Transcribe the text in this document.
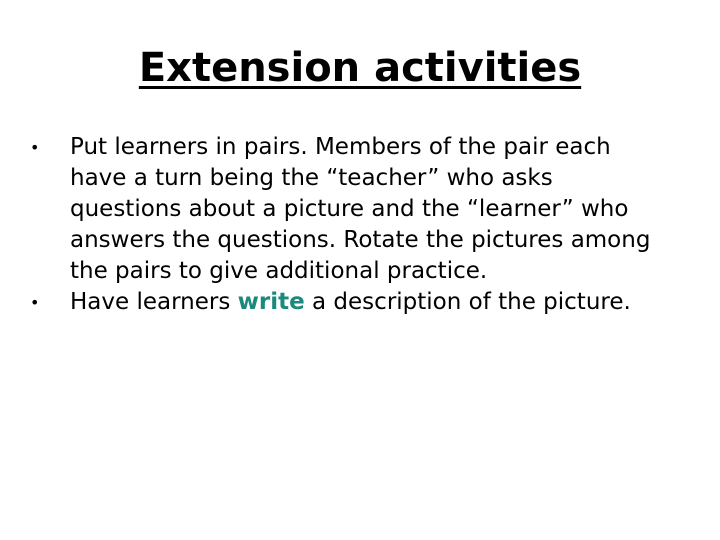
Extension activities
•	Put learners in pairs. Members of the pair each have a turn being the “teacher” who asks questions about a picture and the “learner” who answers the questions. Rotate the pictures among the pairs to give additional practice.
•	Have learners write a description of the picture.
